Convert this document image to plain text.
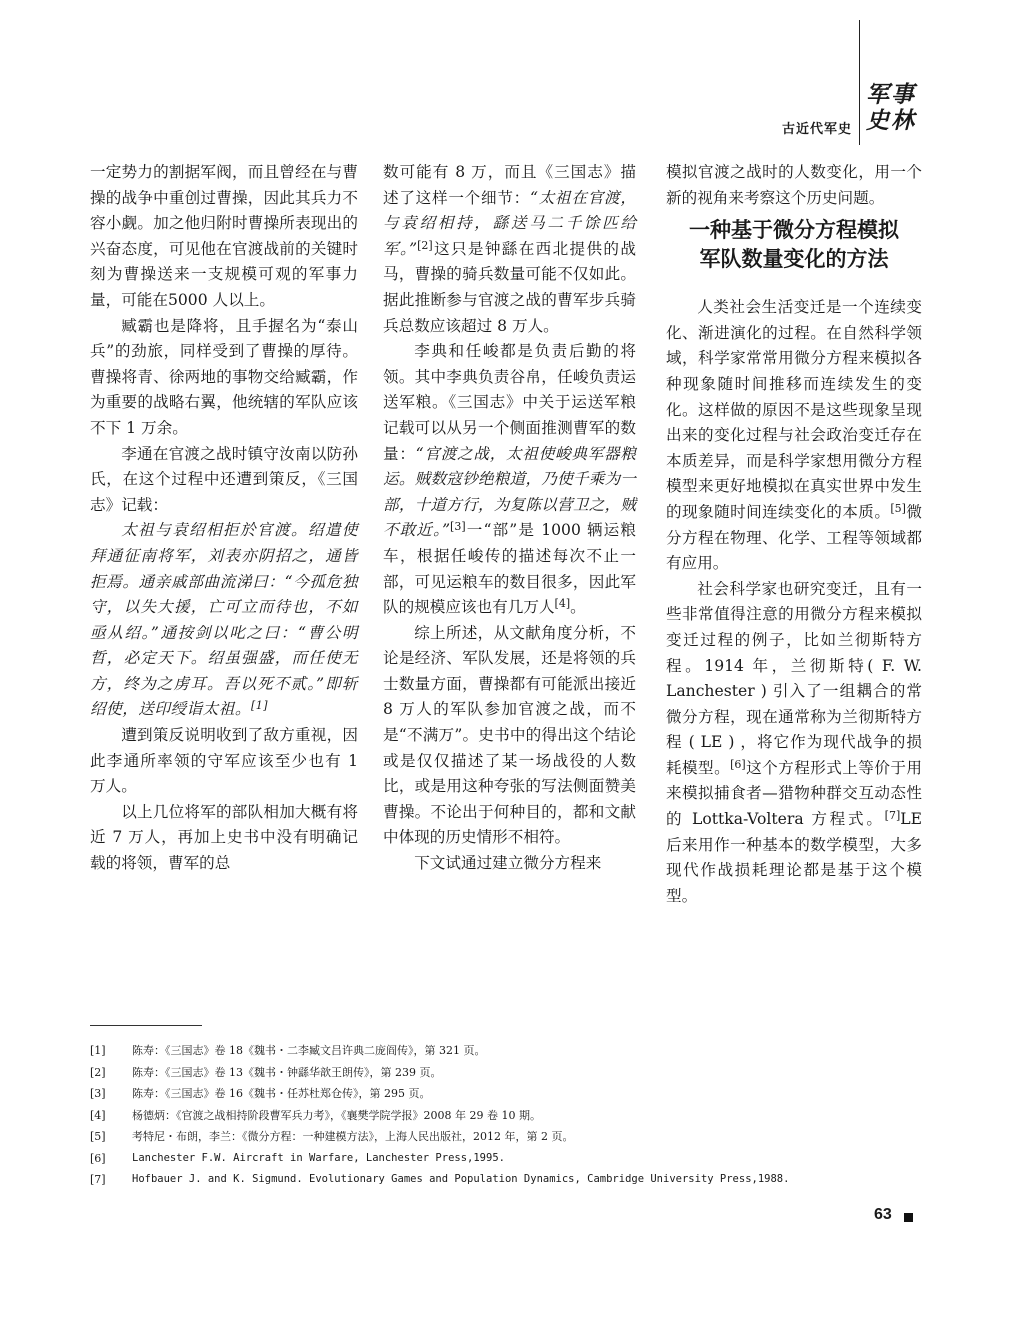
古近代军史
军事史林

一定势力的割据军阀，而且曾经在与曹操的战争中重创过曹操，因此其兵力不容小觑。加之他归附时曹操所表现出的兴奋态度，可见他在官渡战前的关键时刻为曹操送来一支规模可观的军事力量，可能在5000 人以上。

臧霸也是降将，且手握名为“泰山兵”的劲旅，同样受到了曹操的厚待。曹操将青、徐两地的事物交给臧霸，作为重要的战略右翼，他统辖的军队应该不下 1 万余。

李通在官渡之战时镇守汝南以防孙氏，在这个过程中还遭到策反，《三国志》记载：

太祖与袁绍相拒於官渡。绍遣使拜通征南将军，刘表亦阴招之，通皆拒焉。通亲戚部曲流涕曰：“今孤危独守，以失大援，亡可立而待也，不如亟从绍。”通按剑以叱之曰：“曹公明哲，必定天下。绍虽强盛，而任使无方，终为之虏耳。吾以死不贰。”即斩绍使，送印绶诣太祖。[1]

遭到策反说明收到了敌方重视，因此李通所率领的守军应该至少也有 1 万人。

以上几位将军的部队相加大概有将近 7 万人，再加上史书中没有明确记载的将领，曹军的总

数可能有 8 万，而且《三国志》描述了这样一个细节：“太祖在官渡，与袁绍相持，繇送马二千馀匹给军。”[2]这只是钟繇在西北提供的战马，曹操的骑兵数量可能不仅如此。据此推断参与官渡之战的曹军步兵骑兵总数应该超过 8 万人。

李典和任峻都是负责后勤的将领。其中李典负责谷帛，任峻负责运送军粮。《三国志》中关于运送军粮记载可以从另一个侧面推测曹军的数量：“官渡之战，太祖使峻典军器粮运。贼数寇钞绝粮道，乃使千乘为一部，十道方行，为复陈以营卫之，贼不敢近。”[3]一“部”是 1000 辆运粮车，根据任峻传的描述每次不止一部，可见运粮车的数目很多，因此军队的规模应该也有几万人[4]。

综上所述，从文献角度分析，不论是经济、军队发展，还是将领的兵士数量方面，曹操都有可能派出接近 8 万人的军队参加官渡之战，而不是“不满万”。史书中的得出这个结论或是仅仅描述了某一场战役的人数比，或是用这种夸张的写法侧面赞美曹操。不论出于何种目的，都和文献中体现的历史情形不相符。

下文试通过建立微分方程来

模拟官渡之战时的人数变化，用一个新的视角来考察这个历史问题。

一种基于微分方程模拟
军队数量变化的方法

人类社会生活变迁是一个连续变化、渐进演化的过程。在自然科学领域，科学家常常用微分方程来模拟各种现象随时间推移而连续发生的变化。这样做的原因不是这些现象呈现出来的变化过程与社会政治变迁存在本质差异，而是科学家想用微分方程模型来更好地模拟在真实世界中发生的现象随时间连续变化的本质。[5]微分方程在物理、化学、工程等领域都有应用。

社会科学家也研究变迁，且有一些非常值得注意的用微分方程来模拟变迁过程的例子，比如兰彻斯特方程。1914 年，兰彻斯特( F. W. Lanchester ) 引入了一组耦合的常微分方程，现在通常称为兰彻斯特方程 ( LE ) ，将它作为现代战争的损耗模型。[6]这个方程形式上等价于用来模拟捕食者—猎物种群交互动态性的 Lottka-Voltera 方程式。[7]LE 后来用作一种基本的数学模型，大多现代作战损耗理论都是基于这个模型。

[1]	陈寿：《三国志》卷 18《魏书・二李臧文吕许典二庞阎传》，第 321 页。
[2]	陈寿：《三国志》卷 13《魏书・钟繇华歆王朗传》，第 239 页。
[3]	陈寿：《三国志》卷 16《魏书・任苏杜郑仓传》，第 295 页。
[4]	杨德炳：《官渡之战相持阶段曹军兵力考》，《襄樊学院学报》2008 年 29 卷 10 期。
[5]	考特尼・布朗，李兰：《微分方程：一种建模方法》，上海人民出版社，2012 年，第 2 页。
[6]	Lanchester F.W. Aircraft in Warfare, Lanchester Press,1995.
[7]	Hofbauer J. and K. Sigmund. Evolutionary Games and Population Dynamics, Cambridge University Press,1988.
63
